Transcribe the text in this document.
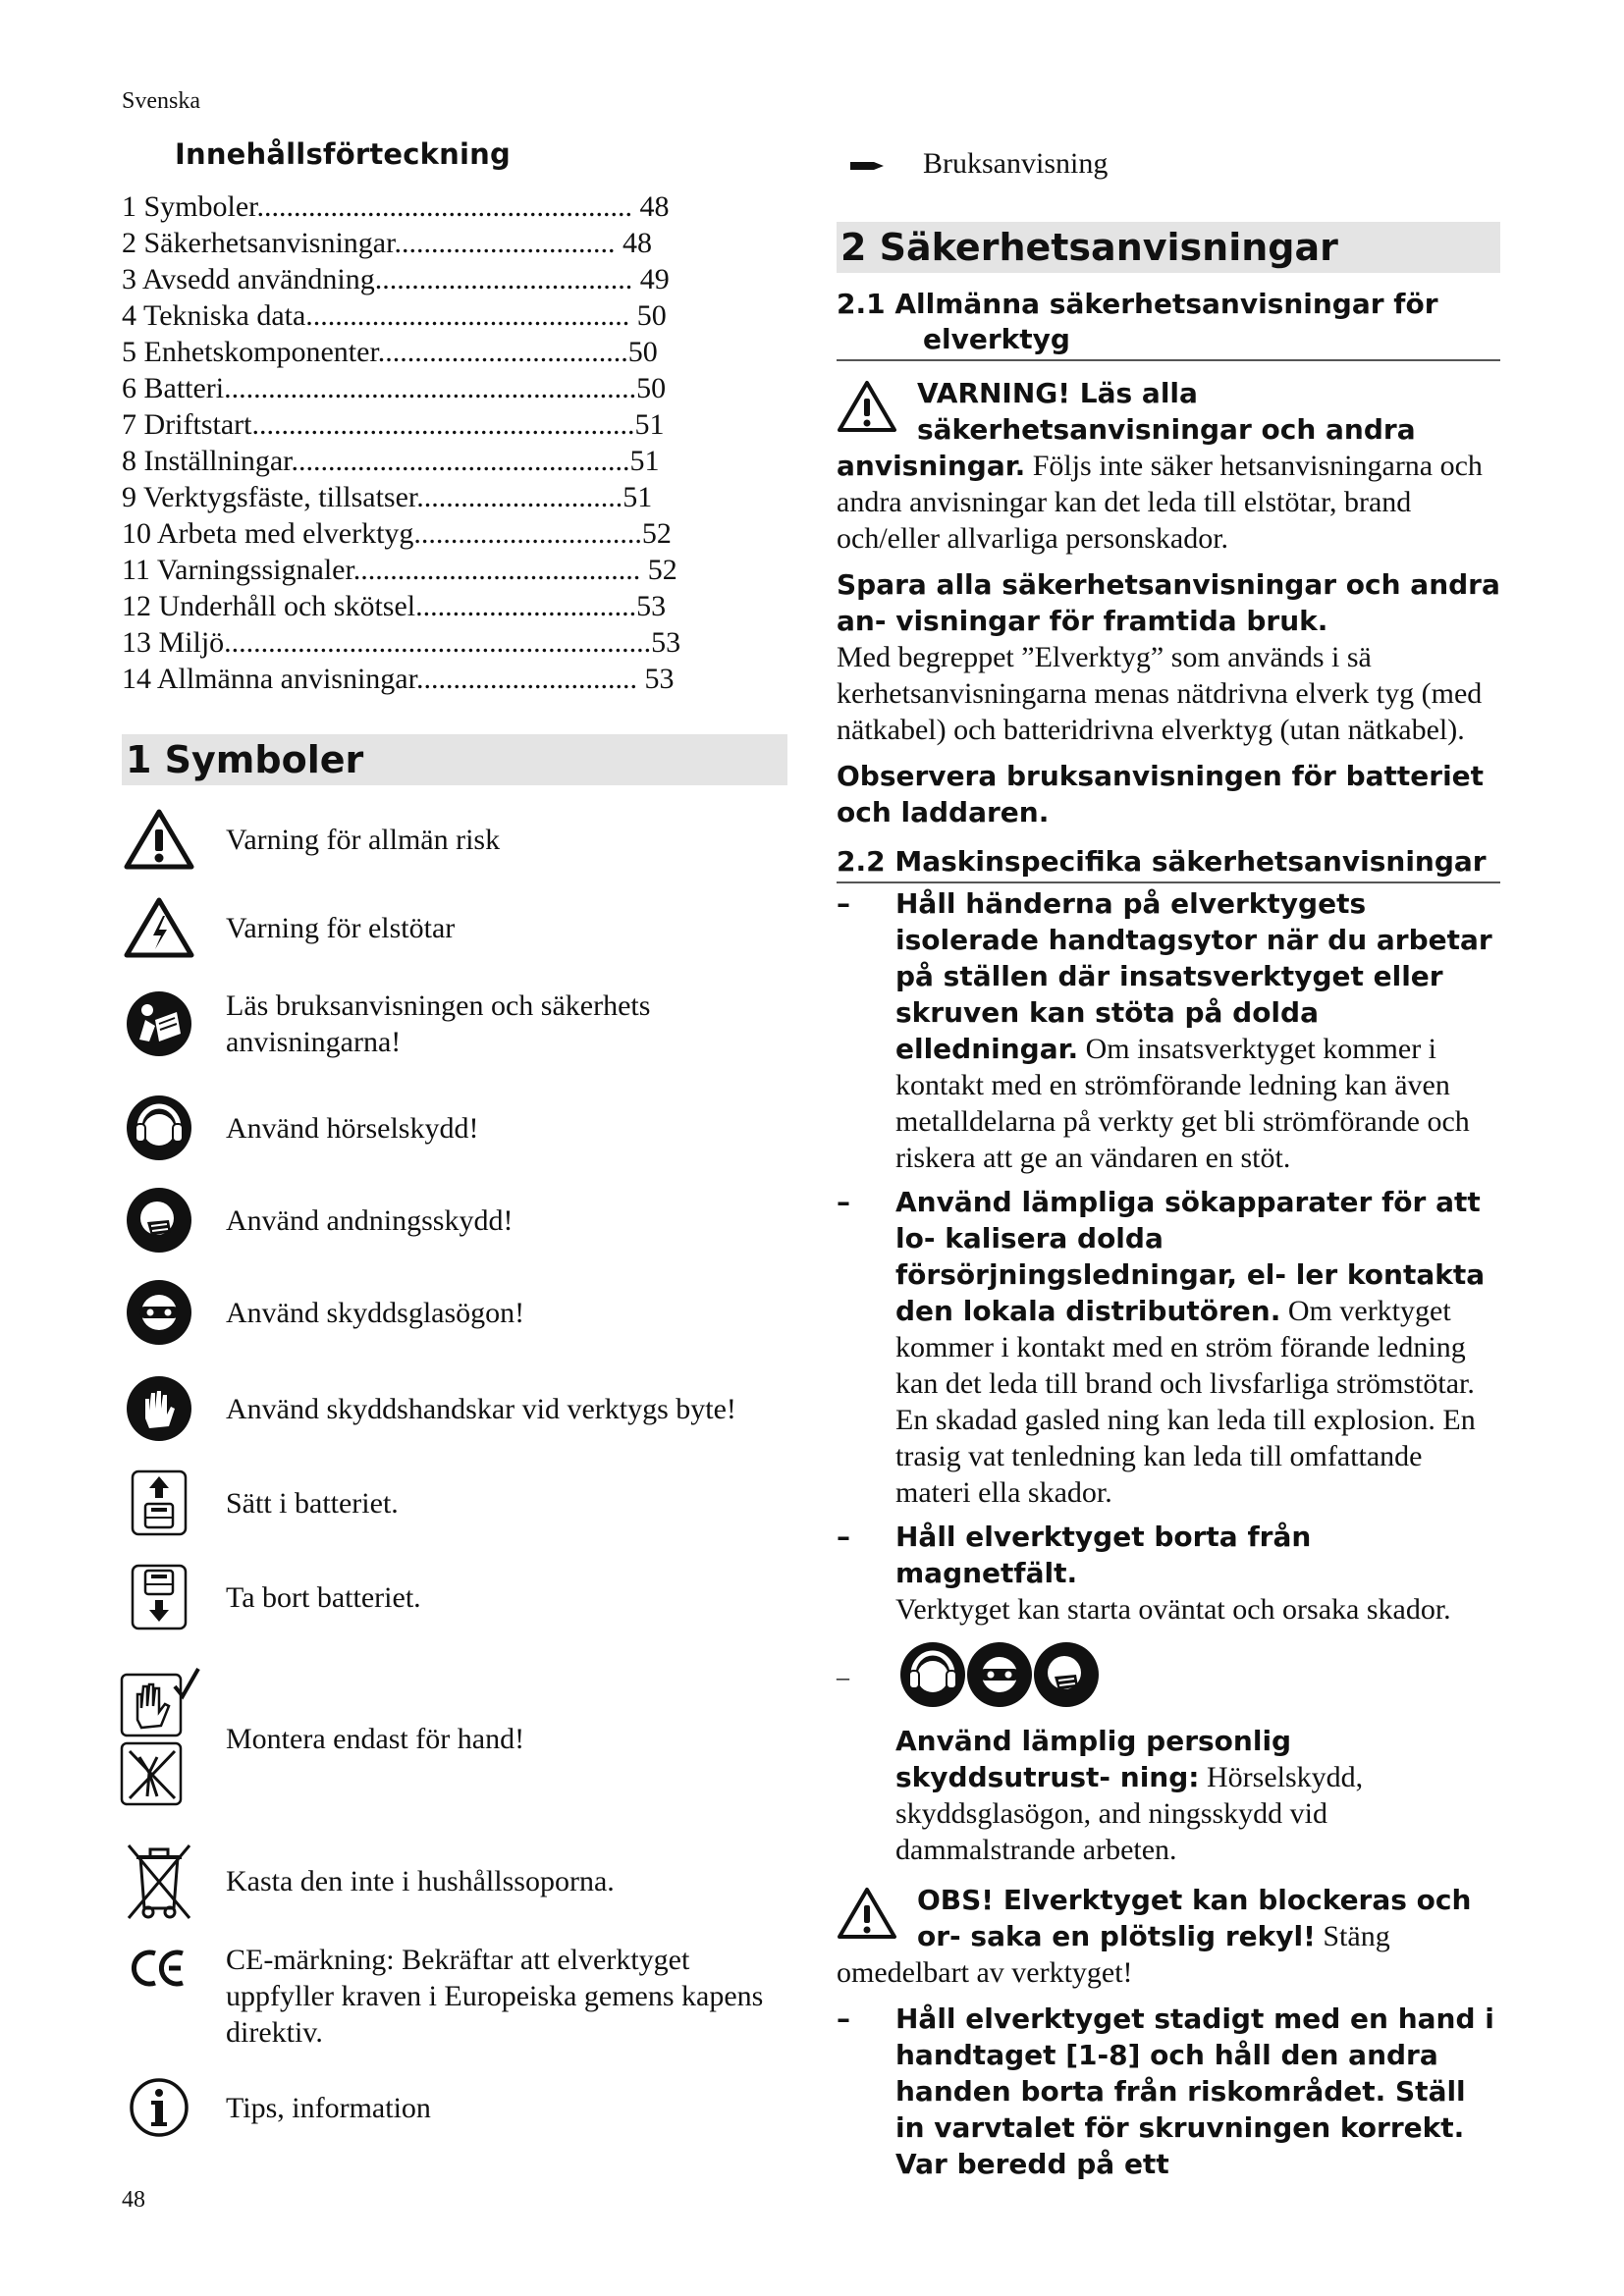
Svenska
Innehållsförteckning
1 Symboler................................................... 48
2 Säkerhetsanvisningar.............................. 48
3 Avsedd användning................................... 49
4 Tekniska data............................................ 50
5 Enhetskomponenter..................................50
6 Batteri........................................................50
7 Driftstart....................................................51
8 Inställningar..............................................51
9 Verktygsfäste, tillsatser............................51
10 Arbeta med elverktyg...............................52
11 Varningssignaler....................................... 52
12 Underhåll och skötsel..............................53
13 Miljö..........................................................53
14 Allmänna anvisningar.............................. 53
1 Symboler
Varning för allmän risk
Varning för elstötar
Läs bruksanvisningen och säkerhets anvisningarna!
Använd hörselskydd!
Använd andningsskydd!
Använd skyddsglasögon!
Använd skyddshandskar vid verktygs byte!
Sätt i batteriet.
Ta bort batteriet.
Montera endast för hand!
Kasta den inte i hushållssoporna.
CE-märkning: Bekräftar att elverktyget uppfyller kraven i Europeiska gemens kapens direktiv.
Tips, information
Bruksanvisning
2 Säkerhetsanvisningar
2.1 Allmänna säkerhetsanvisningar för
elverktyg

VARNING! Läs alla säkerhetsanvisningar och andra anvisningar. Följs inte säker hetsanvisningarna och andra anvisningar kan det leda till elstötar, brand och/eller allvarliga personskador.

Spara alla säkerhetsanvisningar och andra an- visningar för framtida bruk.

Med begreppet ”Elverktyg” som används i sä kerhetsanvisningarna menas nätdrivna elverk tyg (med nätkabel) och batteridrivna elverktyg (utan nätkabel).

Observera bruksanvisningen för batteriet och laddaren.

2.2 Maskinspecifika säkerhetsanvisningar
– Håll händerna på elverktygets isolerade handtagsytor när du arbetar på ställen där insatsverktyget eller skruven kan stöta på dolda elledningar. Om insatsverktyget kommer i kontakt med en strömförande ledning kan även metalldelarna på verkty get bli strömförande och riskera att ge an vändaren en stöt.

– Använd lämpliga sökapparater för att lo- kalisera dolda försörjningsledningar, el- ler kontakta den lokala distributören. Om verktyget kommer i kontakt med en ström förande ledning kan det leda till brand och livsfarliga strömstötar. En skadad gasled ning kan leda till explosion. En trasig vat tenledning kan leda till omfattande materi ella skador.

– Håll elverktyget borta från magnetfält.

Verktyget kan starta oväntat och orsaka skador.

–

Använd lämplig personlig skyddsutrust- ning: Hörselskydd, skyddsglasögon, and ningsskydd vid dammalstrande arbeten.

OBS! Elverktyget kan blockeras och or- saka en plötslig rekyl! Stäng omedelbart av verktyget!

– Håll elverktyget stadigt med en hand i handtaget [1-8] och håll den andra handen borta från riskområdet. Ställ in varvtalet för skruvningen korrekt. Var beredd på ett

48
